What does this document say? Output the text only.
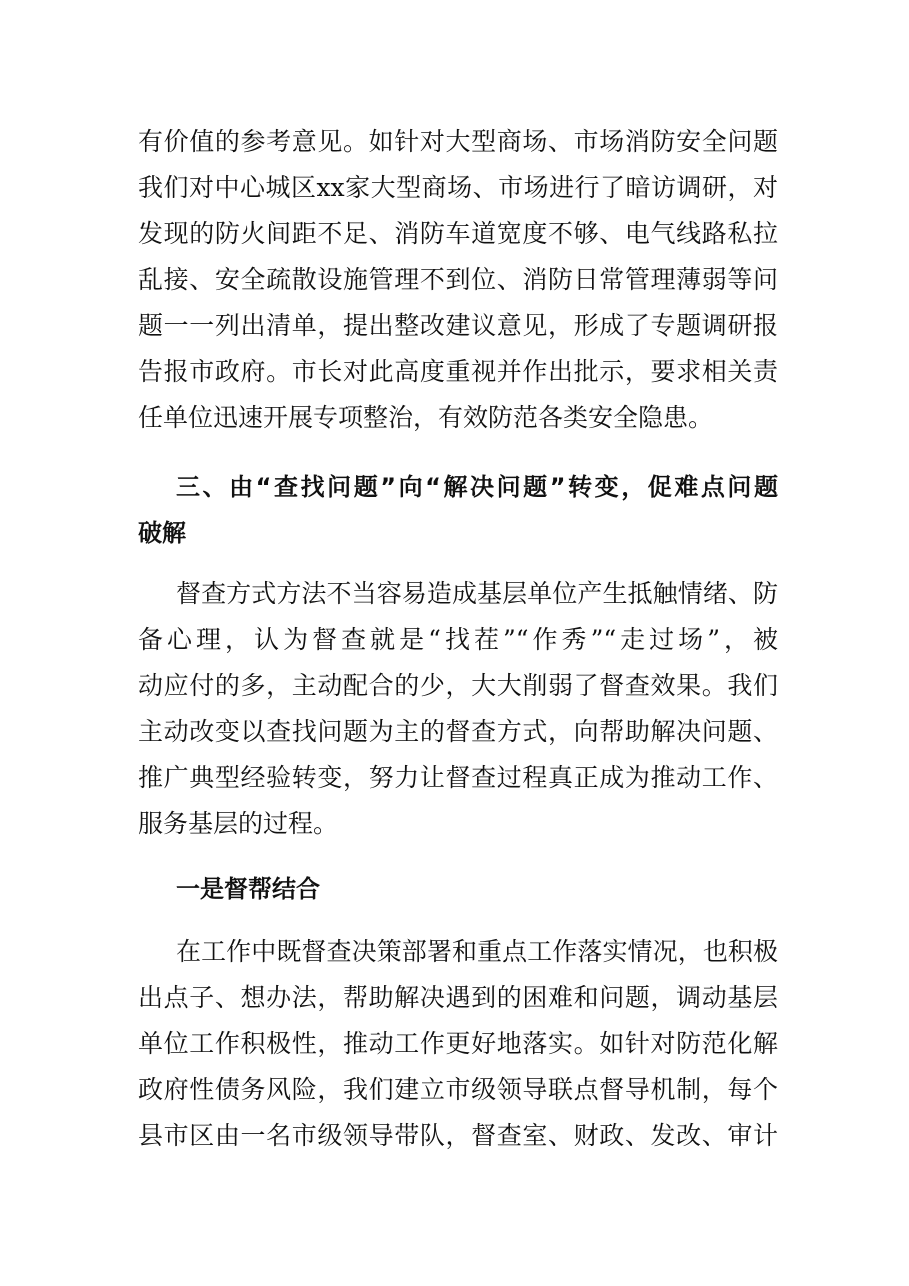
有价值的参考意见。如针对大型商场、市场消防安全问题
我们对中心城区xx家大型商场、市场进行了暗访调研，对
发现的防火间距不足、消防车道宽度不够、电气线路私拉
乱接、安全疏散设施管理不到位、消防日常管理薄弱等问
题一一列出清单，提出整改建议意见，形成了专题调研报
告报市政府。市长对此高度重视并作出批示，要求相关责
任单位迅速开展专项整治，有效防范各类安全隐患。
三、由“查找问题”向“解决问题”转变，促难点问题
破解
督查方式方法不当容易造成基层单位产生抵触情绪、防
备心理，认为督查就是“找茬”“作秀”“走过场”，被
动应付的多，主动配合的少，大大削弱了督查效果。我们
主动改变以查找问题为主的督查方式，向帮助解决问题、
推广典型经验转变，努力让督查过程真正成为推动工作、
服务基层的过程。
一是督帮结合
在工作中既督查决策部署和重点工作落实情况，也积极
出点子、想办法，帮助解决遇到的困难和问题，调动基层
单位工作积极性，推动工作更好地落实。如针对防范化解
政府性债务风险，我们建立市级领导联点督导机制，每个
县市区由一名市级领导带队，督查室、财政、发改、审计
